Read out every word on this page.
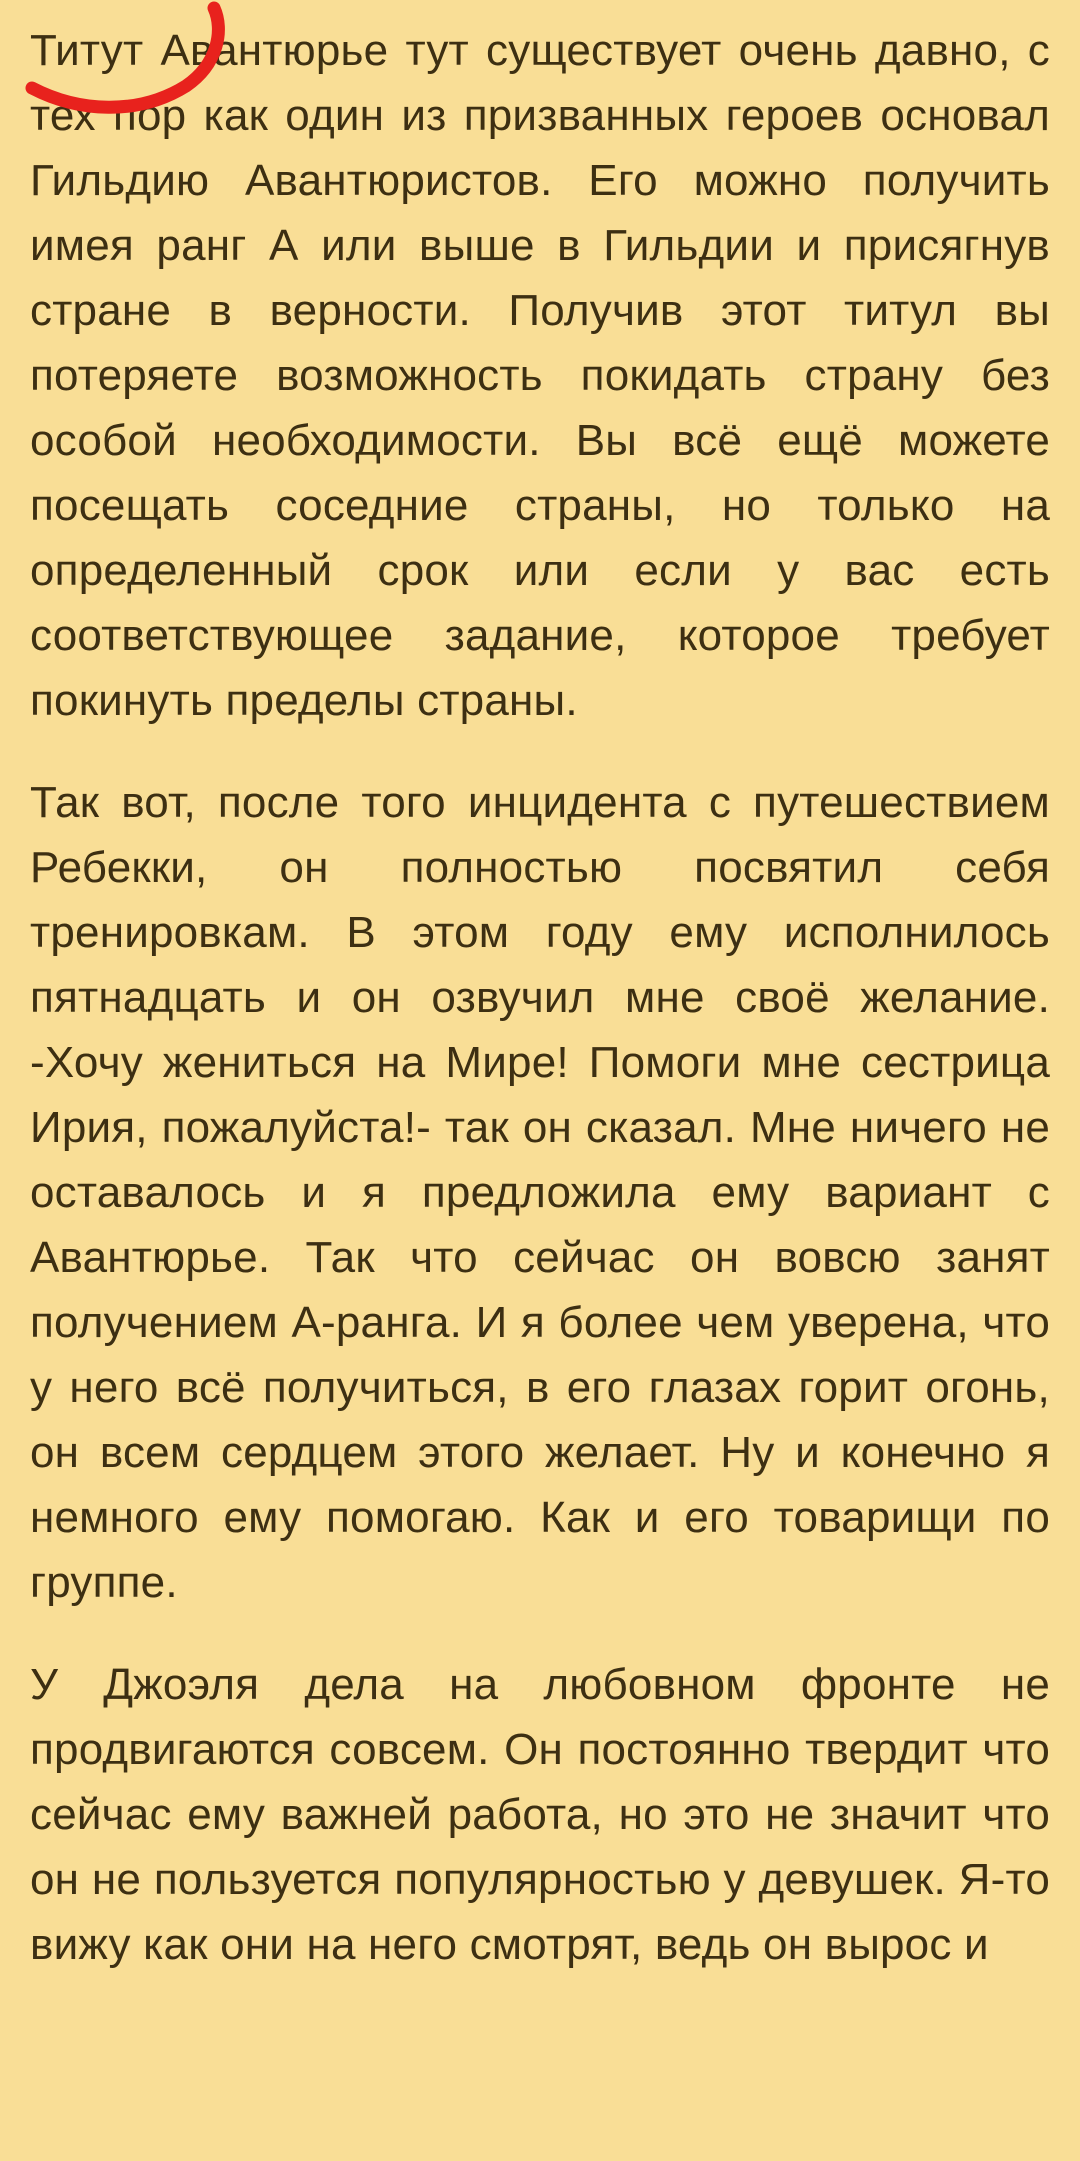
Титут Авантюрье тут существует очень давно, с тех пор как один из призванных героев основал Гильдию Авантюристов. Его можно получить имея ранг А или выше в Гильдии и присягнув стране в верности. Получив этот титул вы потеряете возможность покидать страну без особой необходимости. Вы всё ещё можете посещать соседние страны, но только на определенный срок или если у вас есть соответствующее задание, которое требует покинуть пределы страны.

Так вот, после того инцидента с путешествием Ребекки, он полностью посвятил себя тренировкам. В этом году ему исполнилось пятнадцать и он озвучил мне своё желание. -Хочу жениться на Мире! Помоги мне сестрица Ирия, пожалуйста!- так он сказал. Мне ничего не оставалось и я предложила ему вариант с Авантюрье. Так что сейчас он вовсю занят получением А-ранга. И я более чем уверена, что у него всё получиться, в его глазах горит огонь, он всем сердцем этого желает. Ну и конечно я немного ему помогаю. Как и его товарищи по группе.

У Джоэля дела на любовном фронте не продвигаются совсем. Он постоянно твердит что сейчас ему важней работа, но это не значит что он не пользуется популярностью у девушек. Я-то вижу как они на него смотрят, ведь он вырос и
